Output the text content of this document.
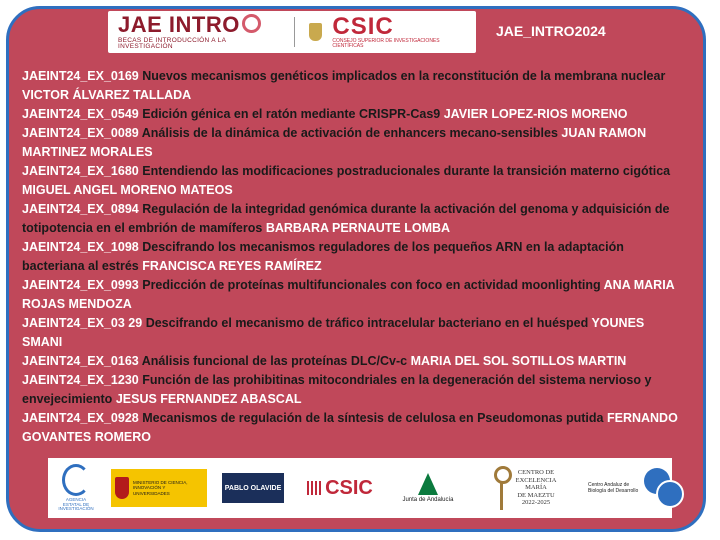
JAE INTRO
BECAS DE INTRODUCCIÓN A LA INVESTIGACIÓN
CSIC
CONSEJO SUPERIOR DE INVESTIGACIONES CIENTÍFICAS
JAE_INTRO2024

JAEINT24_EX_0169 Nuevos mecanismos genéticos implicados en la reconstitución de la membrana nuclear VICTOR ÁLVAREZ TALLADA

JAEINT24_EX_0549 Edición génica en el ratón mediante CRISPR-Cas9 JAVIER LOPEZ-RIOS MORENO

JAEINT24_EX_0089 Análisis de la dinámica de activación de enhancers mecano-sensibles JUAN RAMON MARTINEZ MORALES

JAEINT24_EX_1680 Entendiendo las modificaciones postraducionales durante la transición materno cigótica MIGUEL ANGEL MORENO MATEOS

JAEINT24_EX_0894 Regulación de la integridad genómica durante la activación del genoma y adquisición de totipotencia en el embrión de mamíferos BARBARA PERNAUTE LOMBA

JAEINT24_EX_1098 Descifrando los mecanismos reguladores de los pequeños ARN en la adaptación bacteriana al estrés FRANCISCA REYES RAMÍREZ

JAEINT24_EX_0993 Predicción de proteínas multifuncionales con foco en actividad moonlighting ANA MARIA ROJAS MENDOZA

JAEINT24_EX_03 29 Descifrando el mecanismo de tráfico intracelular bacteriano en el huésped YOUNES SMANI

JAEINT24_EX_0163 Análisis funcional de las proteínas DLC/Cv-c MARIA DEL SOL SOTILLOS MARTIN

JAEINT24_EX_1230 Función de las prohibitinas mitocondriales en la degeneración del sistema nervioso y envejecimiento JESUS FERNANDEZ ABASCAL

JAEINT24_EX_0928 Mecanismos de regulación de la síntesis de celulosa en Pseudomonas putida FERNANDO GOVANTES ROMERO

AGENCIA ESTATAL DE INVESTIGACIÓN
MINISTERIO DE CIENCIA, INNOVACIÓN Y UNIVERSIDADES
PABLO OLAVIDE CSIC
Junta de Andalucía
CENTRO DE
EXCELENCIA
MARÍA
DE MAEZTU
2022-2025
Centro Andaluz de Biología del Desarrollo
